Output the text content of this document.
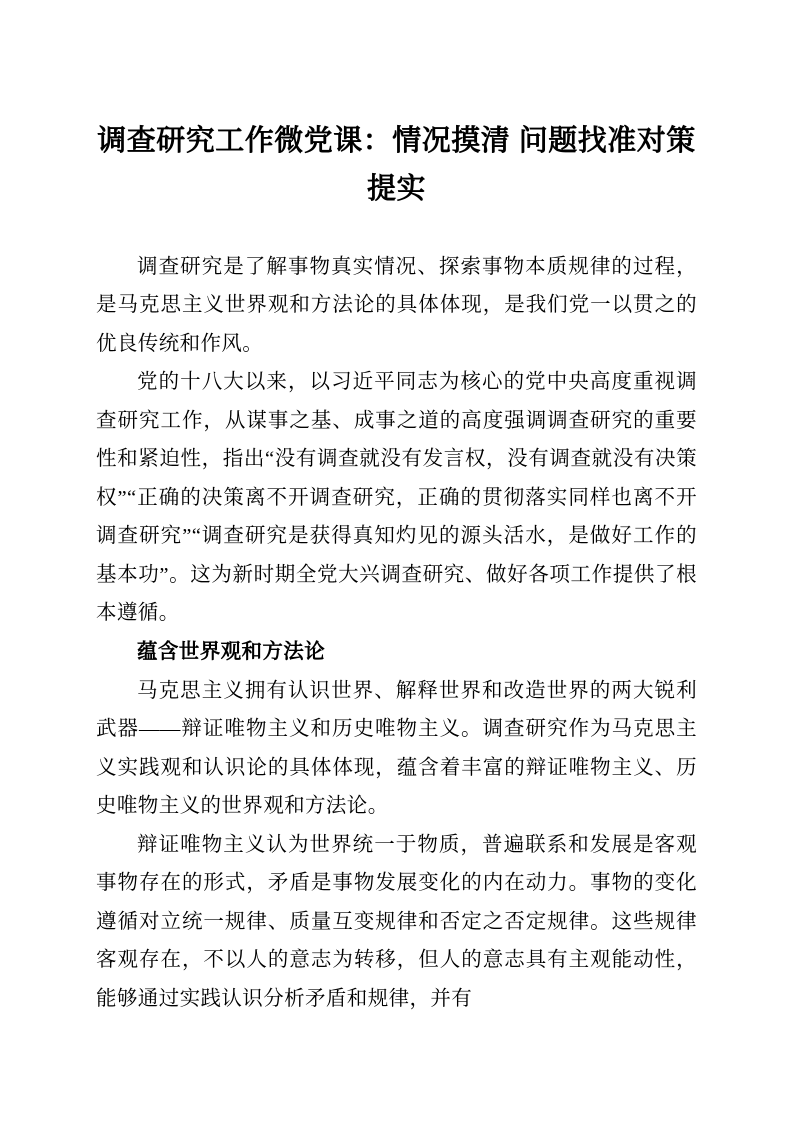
调查研究工作微党课：情况摸清 问题找准对策提实

调查研究是了解事物真实情况、探索事物本质规律的过程，是马克思主义世界观和方法论的具体体现，是我们党一以贯之的优良传统和作风。

党的十八大以来，以习近平同志为核心的党中央高度重视调查研究工作，从谋事之基、成事之道的高度强调调查研究的重要性和紧迫性，指出“没有调查就没有发言权，没有调查就没有决策权”“正确的决策离不开调查研究，正确的贯彻落实同样也离不开调查研究”“调查研究是获得真知灼见的源头活水，是做好工作的基本功”。这为新时期全党大兴调查研究、做好各项工作提供了根本遵循。

蕴含世界观和方法论

马克思主义拥有认识世界、解释世界和改造世界的两大锐利武器——辩证唯物主义和历史唯物主义。调查研究作为马克思主义实践观和认识论的具体体现，蕴含着丰富的辩证唯物主义、历史唯物主义的世界观和方法论。

辩证唯物主义认为世界统一于物质，普遍联系和发展是客观事物存在的形式，矛盾是事物发展变化的内在动力。事物的变化遵循对立统一规律、质量互变规律和否定之否定规律。这些规律客观存在，不以人的意志为转移，但人的意志具有主观能动性，能够通过实践认识分析矛盾和规律，并有
